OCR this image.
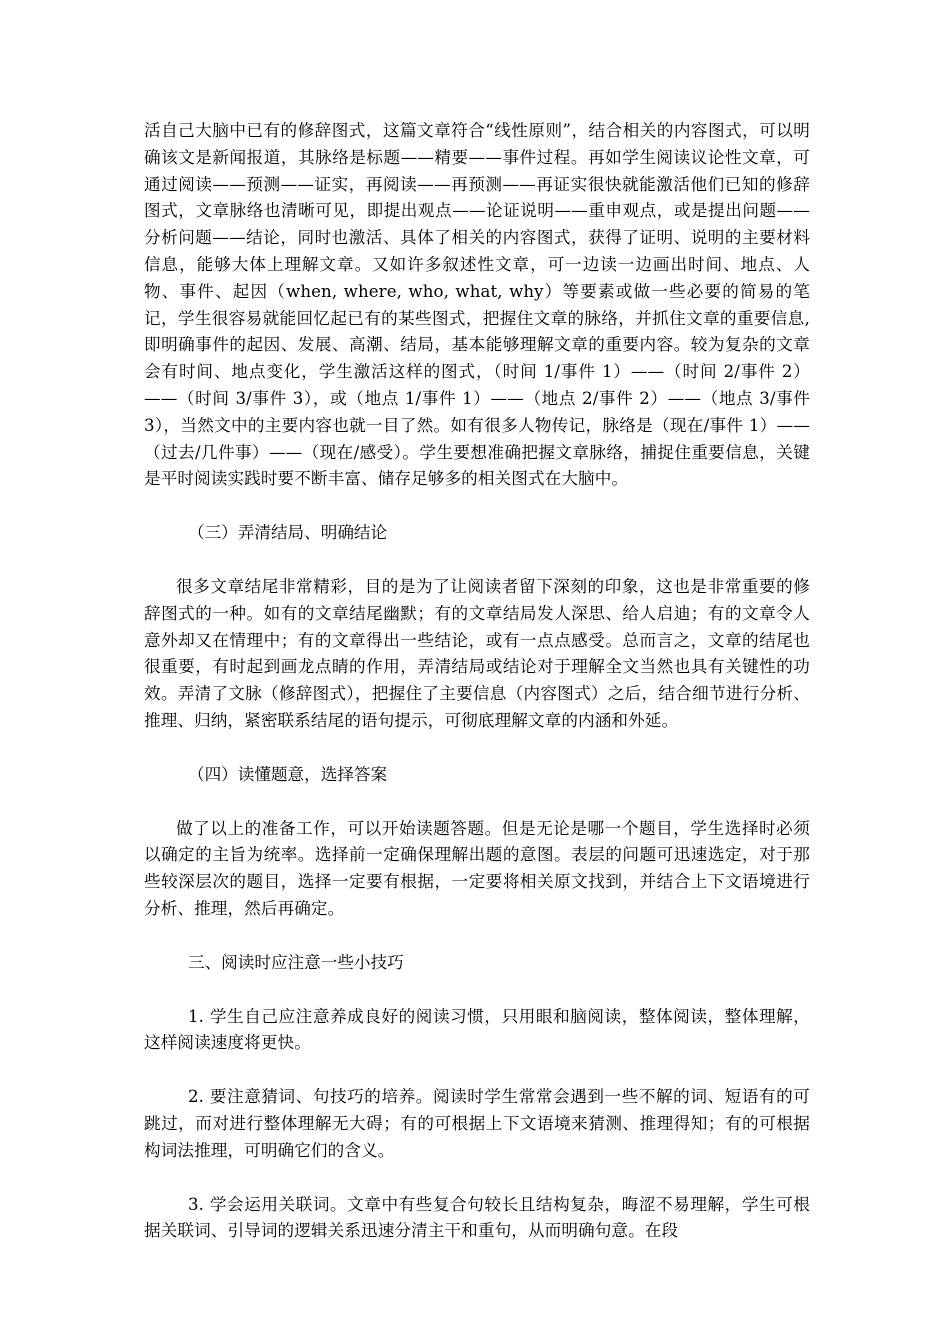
活自己大脑中已有的修辞图式，这篇文章符合“线性原则”，结合相关的内容图式，可以明确该文是新闻报道，其脉络是标题——精要——事件过程。再如学生阅读议论性文章，可通过阅读——预测——证实，再阅读——再预测——再证实很快就能激活他们已知的修辞图式，文章脉络也清晰可见，即提出观点——论证说明——重申观点，或是提出问题——分析问题——结论，同时也激活、具体了相关的内容图式，获得了证明、说明的主要材料信息，能够大体上理解文章。又如许多叙述性文章，可一边读一边画出时间、地点、人物、事件、起因（when, where, who, what, why）等要素或做一些必要的简易的笔记，学生很容易就能回忆起已有的某些图式，把握住文章的脉络，并抓住文章的重要信息,即明确事件的起因、发展、高潮、结局，基本能够理解文章的重要内容。较为复杂的文章会有时间、地点变化，学生激活这样的图式，（时间 1/事件 1）——（时间 2/事件 2）——（时间 3/事件 3），或（地点 1/事件 1）——（地点 2/事件 2）——（地点 3/事件 3），当然文中的主要内容也就一目了然。如有很多人物传记，脉络是（现在/事件 1）——（过去/几件事）——（现在/感受）。学生要想准确把握文章脉络，捕捉住重要信息，关键是平时阅读实践时要不断丰富、储存足够多的相关图式在大脑中。

（三）弄清结局、明确结论

很多文章结尾非常精彩，目的是为了让阅读者留下深刻的印象，这也是非常重要的修辞图式的一种。如有的文章结尾幽默；有的文章结局发人深思、给人启迪；有的文章令人意外却又在情理中；有的文章得出一些结论，或有一点点感受。总而言之，文章的结尾也很重要，有时起到画龙点睛的作用，弄清结局或结论对于理解全文当然也具有关键性的功效。弄清了文脉（修辞图式），把握住了主要信息（内容图式）之后，结合细节进行分析、推理、归纳，紧密联系结尾的语句提示，可彻底理解文章的内涵和外延。

（四）读懂题意，选择答案

做了以上的准备工作，可以开始读题答题。但是无论是哪一个题目，学生选择时必须以确定的主旨为统率。选择前一定确保理解出题的意图。表层的问题可迅速选定，对于那些较深层次的题目，选择一定要有根据，一定要将相关原文找到，并结合上下文语境进行分析、推理，然后再确定。

三、阅读时应注意一些小技巧

1. 学生自己应注意养成良好的阅读习惯，只用眼和脑阅读，整体阅读，整体理解，这样阅读速度将更快。

2. 要注意猜词、句技巧的培养。阅读时学生常常会遇到一些不解的词、短语有的可跳过，而对进行整体理解无大碍；有的可根据上下文语境来猜测、推理得知；有的可根据构词法推理，可明确它们的含义。

3. 学会运用关联词。文章中有些复合句较长且结构复杂，晦涩不易理解，学生可根据关联词、引导词的逻辑关系迅速分清主干和重句，从而明确句意。在段
